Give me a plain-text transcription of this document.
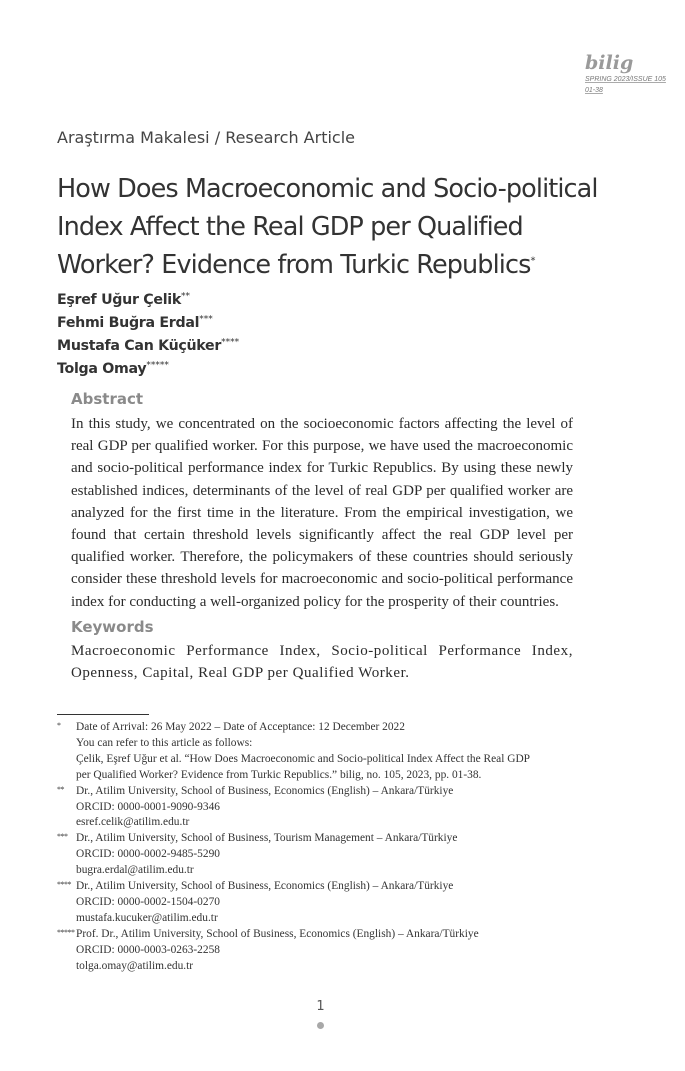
bilig
SPRING 2023/ISSUE 105
01-38
Araştırma Makalesi / Research Article
How Does Macroeconomic and Socio-political
Index Affect the Real GDP per Qualified
Worker? Evidence from Turkic Republics*
Eşref Uğur Çelik**
Fehmi Buğra Erdal***
Mustafa Can Küçüker****
Tolga Omay*****
Abstract

In this study, we concentrated on the socioeconomic factors affecting the level of real GDP per qualified worker. For this purpose, we have used the macroeconomic and socio-political performance index for Turkic Republics. By using these newly established indices, determinants of the level of real GDP per qualified worker are analyzed for the first time in the literature. From the empirical investigation, we found that certain threshold levels significantly affect the real GDP level per qualified worker. Therefore, the policymakers of these countries should seriously consider these threshold levels for macroeconomic and socio-political performance index for conducting a well-organized policy for the prosperity of their countries.

Keywords

Macroeconomic Performance Index, Socio-political Performance Index, Openness, Capital, Real GDP per Qualified Worker.

* Date of Arrival: 26 May 2022 – Date of Acceptance: 12 December 2022
You can refer to this article as follows:
Çelik, Eşref Uğur et al. “How Does Macroeconomic and Socio-political Index Affect the Real GDP
per Qualified Worker? Evidence from Turkic Republics.” bilig, no. 105, 2023, pp. 01-38.
** Dr., Atilim University, School of Business, Economics (English) – Ankara/Türkiye
ORCID: 0000-0001-9090-9346
esref.celik@atilim.edu.tr
*** Dr., Atilim University, School of Business, Tourism Management – Ankara/Türkiye
ORCID: 0000-0002-9485-5290
bugra.erdal@atilim.edu.tr
**** Dr., Atilim University, School of Business, Economics (English) – Ankara/Türkiye
ORCID: 0000-0002-1504-0270
mustafa.kucuker@atilim.edu.tr
***** Prof. Dr., Atilim University, School of Business, Economics (English) – Ankara/Türkiye
ORCID: 0000-0003-0263-2258
tolga.omay@atilim.edu.tr
1
